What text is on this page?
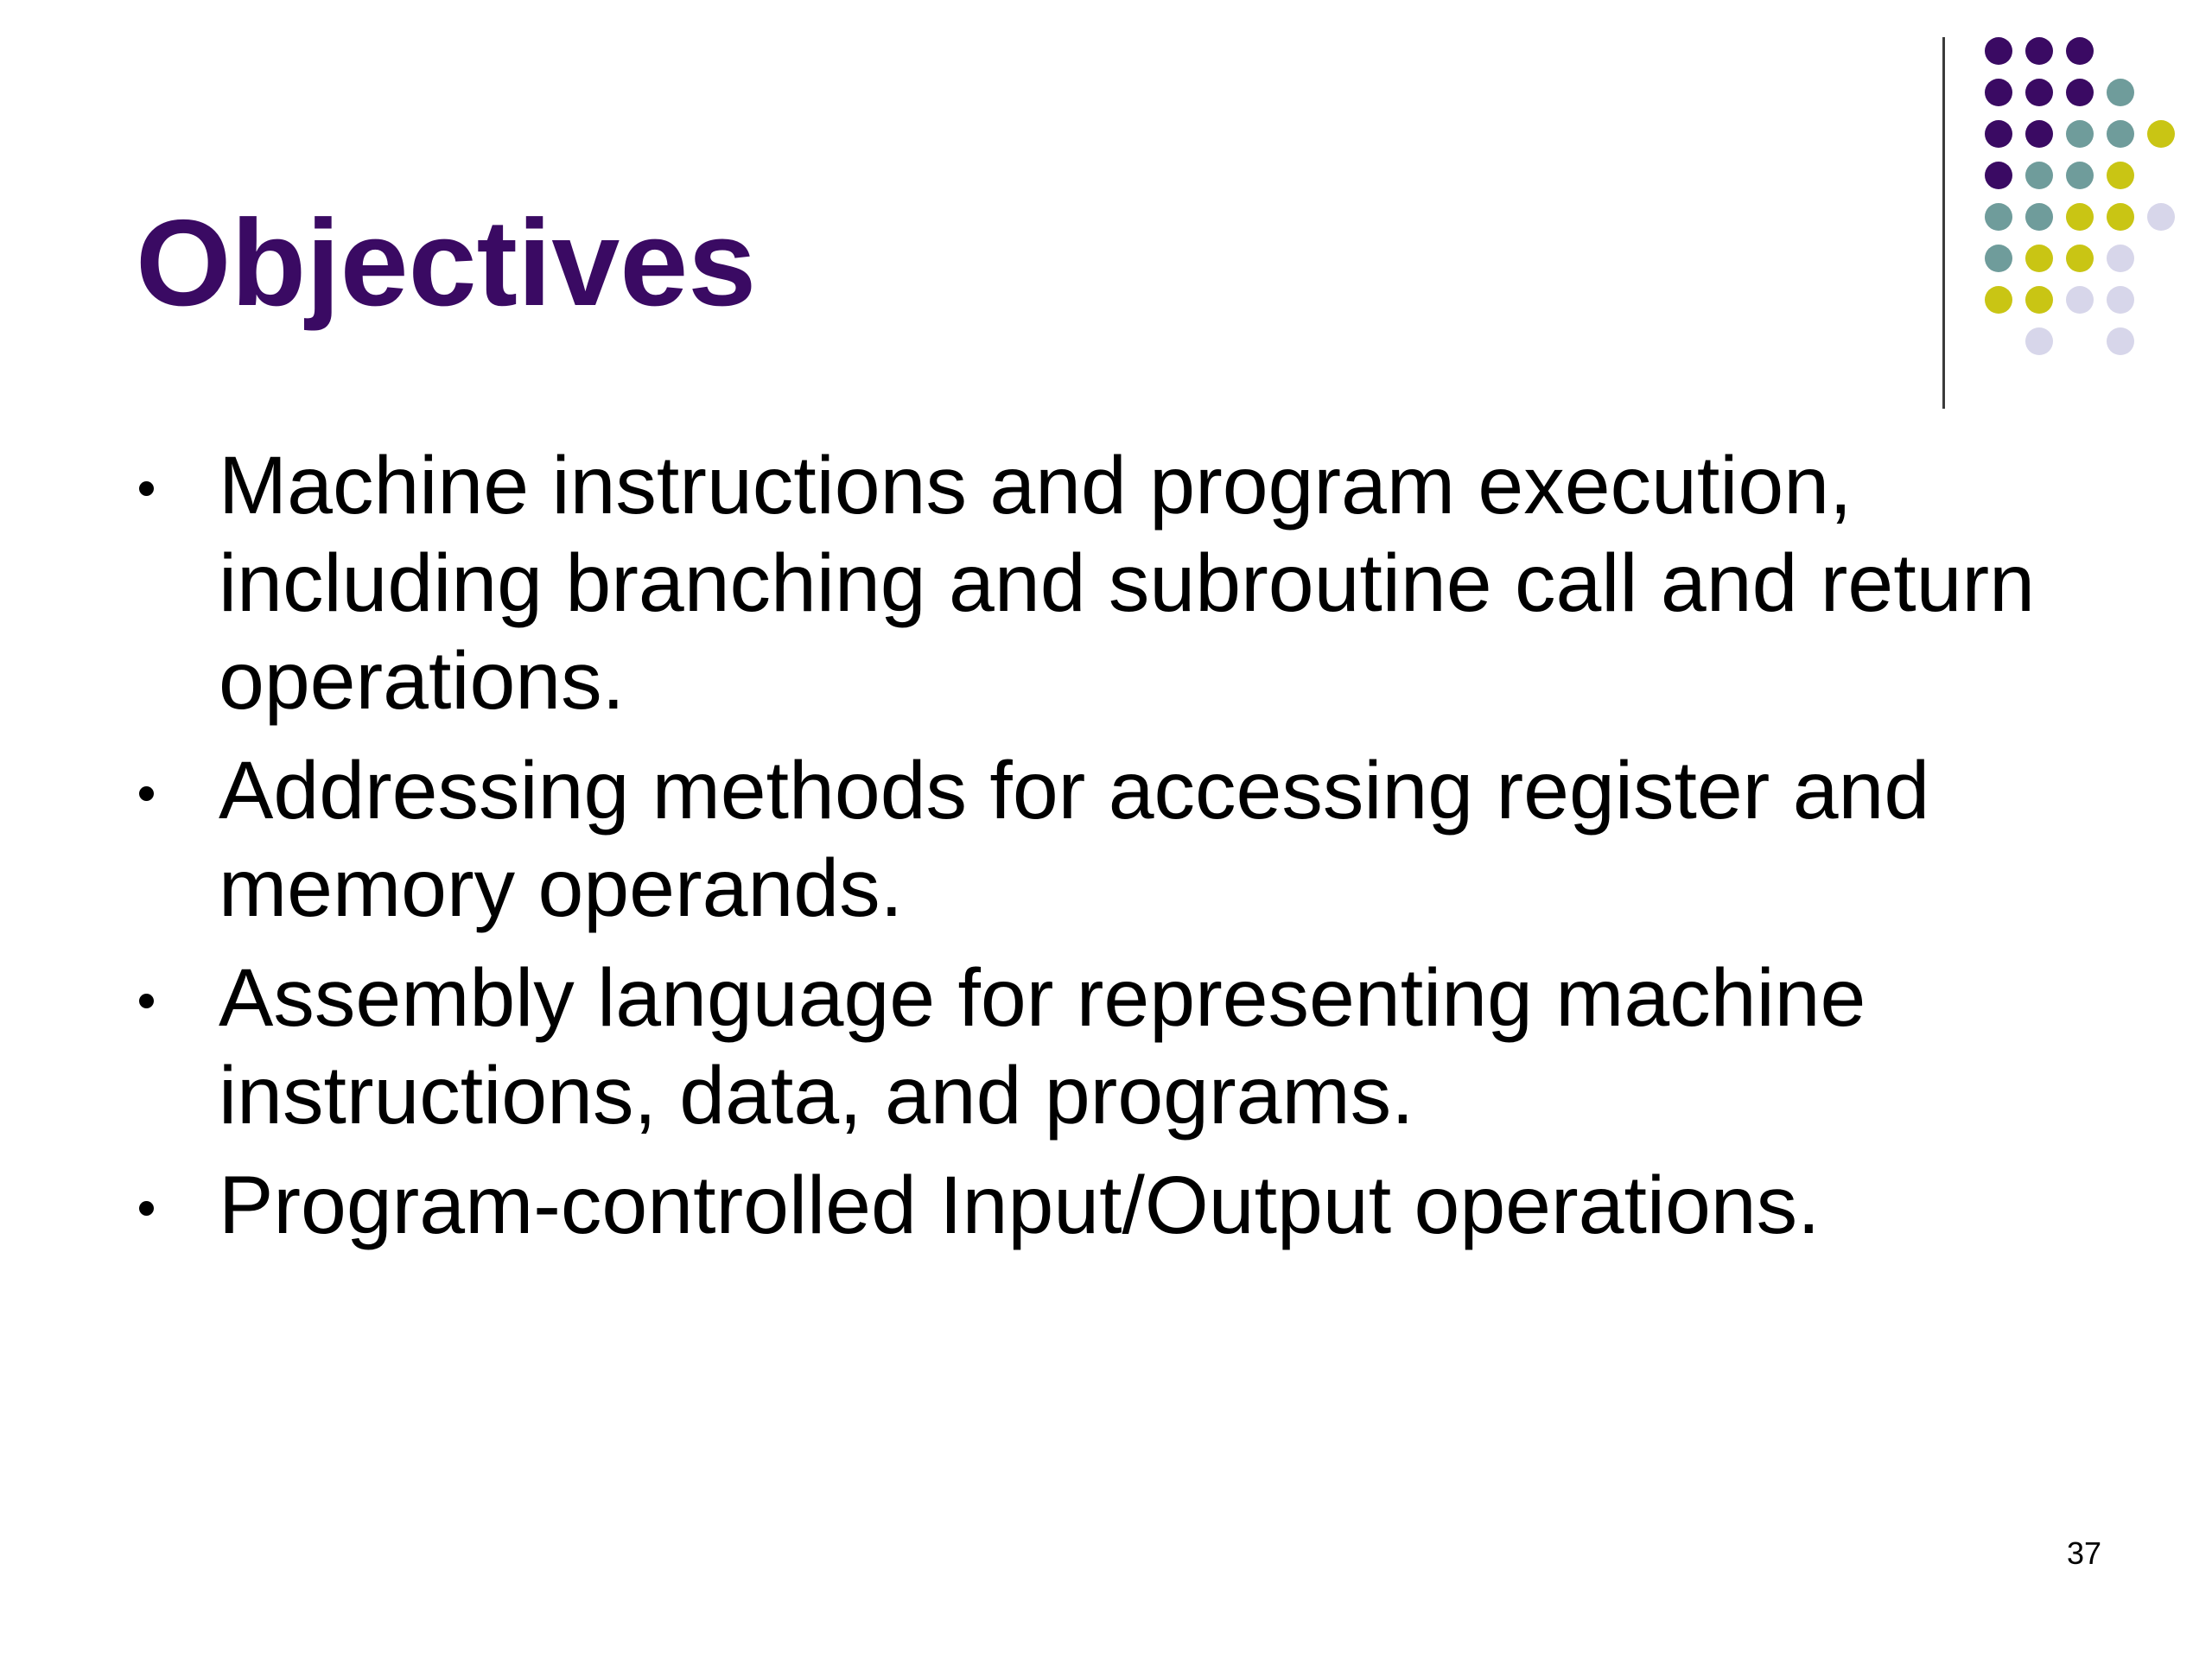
Objectives
Machine instructions and program execution, including branching and subroutine call and return operations.
Addressing methods for accessing register and memory operands.
Assembly language for representing machine instructions, data, and programs.
Program-controlled Input/Output operations.
37
